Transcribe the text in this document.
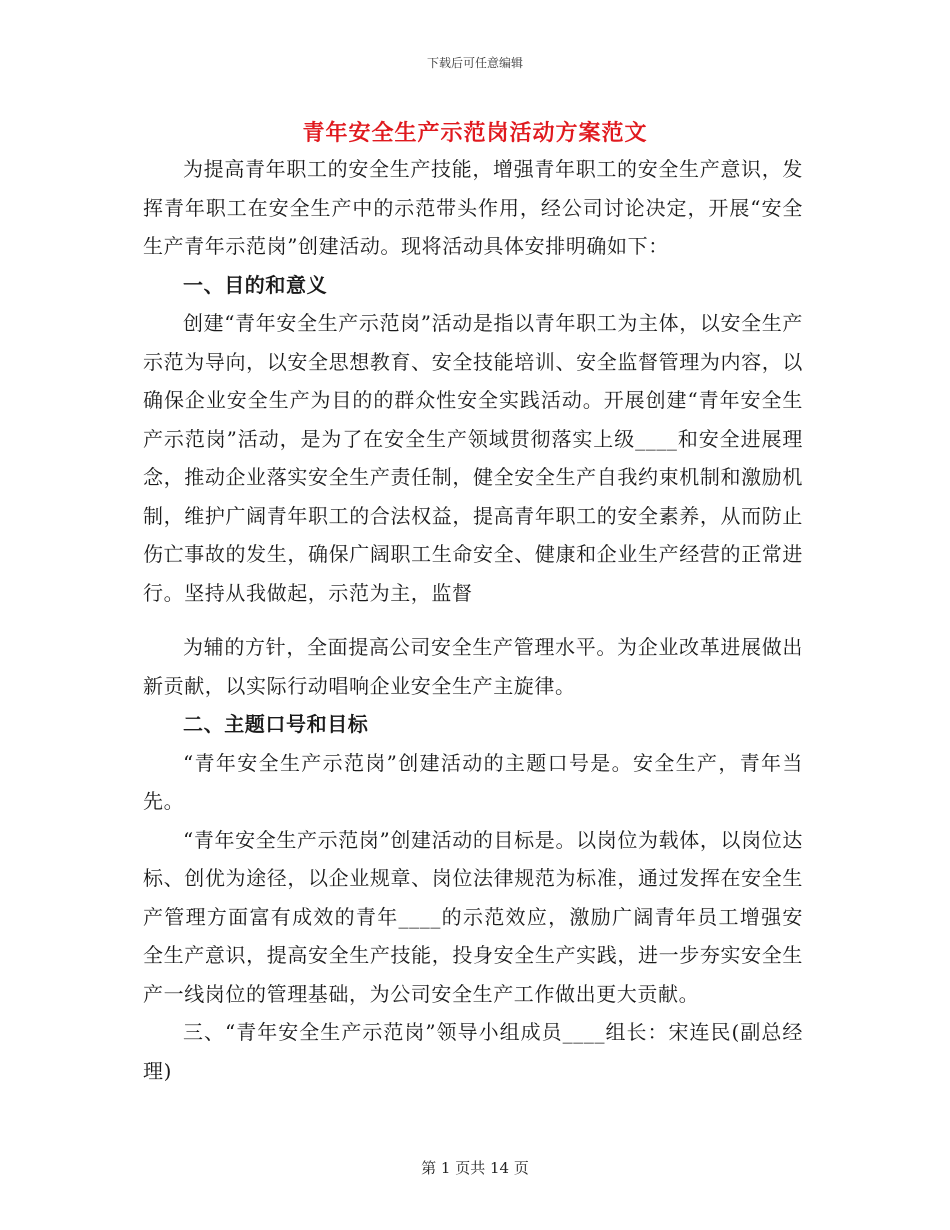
下载后可任意编辑
青年安全生产示范岗活动方案范文

为提高青年职工的安全生产技能，增强青年职工的安全生产意识，发挥青年职工在安全生产中的示范带头作用，经公司讨论决定，开展“安全生产青年示范岗”创建活动。现将活动具体安排明确如下：

一、目的和意义

创建“青年安全生产示范岗”活动是指以青年职工为主体，以安全生产示范为导向，以安全思想教育、安全技能培训、安全监督管理为内容，以确保企业安全生产为目的的群众性安全实践活动。开展创建“青年安全生产示范岗”活动，是为了在安全生产领域贯彻落实上级____和安全进展理念，推动企业落实安全生产责任制，健全安全生产自我约束机制和激励机制，维护广阔青年职工的合法权益，提高青年职工的安全素养，从而防止伤亡事故的发生，确保广阔职工生命安全、健康和企业生产经营的正常进行。坚持从我做起，示范为主，监督

为辅的方针，全面提高公司安全生产管理水平。为企业改革进展做出新贡献，以实际行动唱响企业安全生产主旋律。

二、主题口号和目标

“青年安全生产示范岗”创建活动的主题口号是。安全生产，青年当先。

“青年安全生产示范岗”创建活动的目标是。以岗位为载体，以岗位达标、创优为途径，以企业规章、岗位法律规范为标准，通过发挥在安全生产管理方面富有成效的青年____的示范效应，激励广阔青年员工增强安全生产意识，提高安全生产技能，投身安全生产实践，进一步夯实安全生产一线岗位的管理基础，为公司安全生产工作做出更大贡献。

三、“青年安全生产示范岗”领导小组成员____组长：宋连民(副总经理)

第 1 页共 14 页
